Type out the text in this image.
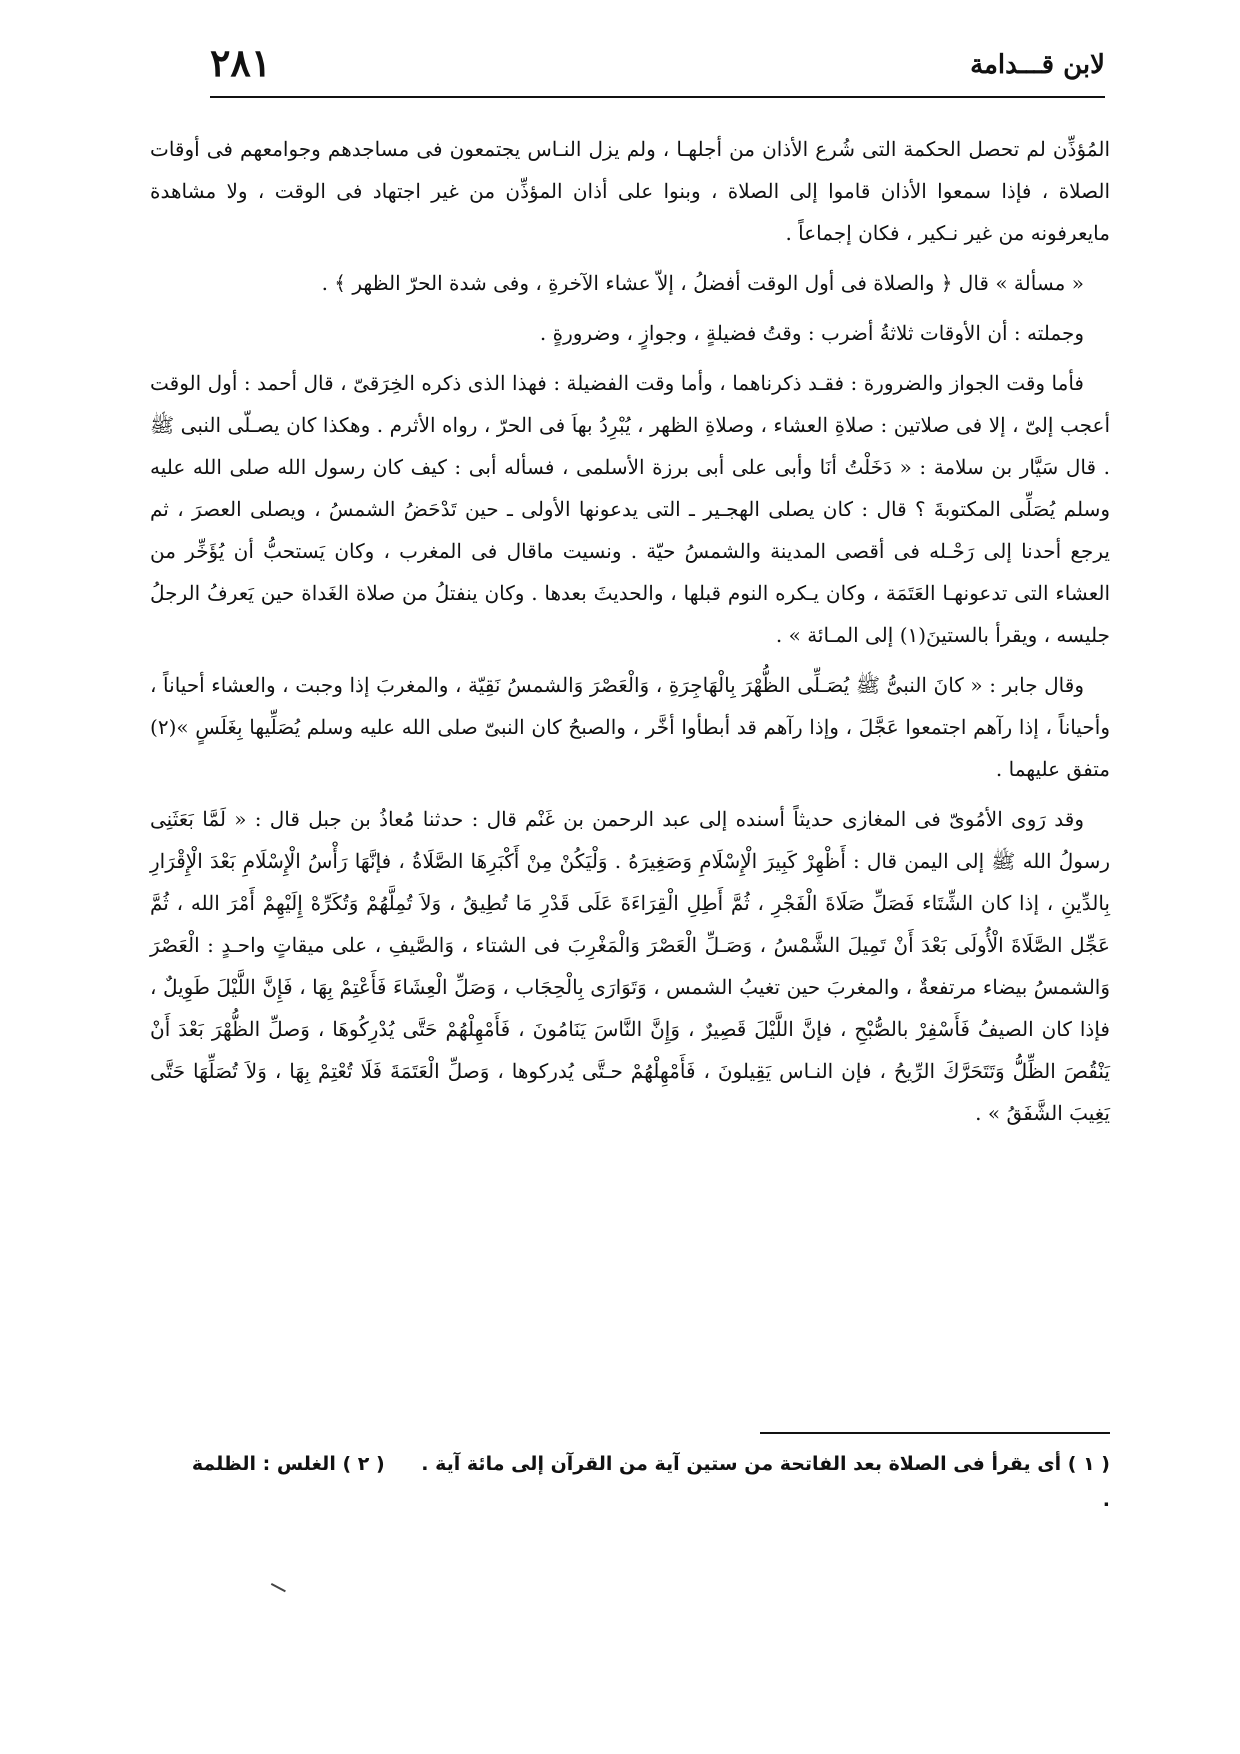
لابن قـــدامة
٢٨١

المُؤذِّن لم تحصل الحكمة التى شُرع الأذان من أجلهـا ، ولم يزل النـاس يجتمعون فى مساجدهم وجوامعهم فى أوقات الصلاة ، فإذا سمعوا الأذان قاموا إلى الصلاة ، وبنوا على أذان المؤذِّن من غير اجتهاد فى الوقت ، ولا مشاهدة مايعرفونه من غير نـكير ، فكان إجماعاً .

« مسألة » قال ﴿ والصلاة فى أول الوقت أفضلُ ، إلاّ عشاء الآخرةِ ، وفى شدة الحرّ الظهر ﴾ .

وجملته : أن الأوقات ثلاثةُ أضرب : وقتُ فضيلةٍ ، وجوازٍ ، وضرورةٍ .

فأما وقت الجواز والضرورة : فقـد ذكرناهما ، وأما وقت الفضيلة : فهذا الذى ذكره الخِرَقىّ ، قال أحمد : أول الوقت أعجب إلىّ ، إلا فى صلاتين : صلاةِ العشاء ، وصلاةِ الظهر ، يُبْرِدُ بهاَ فى الحرّ ، رواه الأثرم . وهكذا كان يصـلّى النبى ﷺ . قال سَيَّار بن سلامة : « دَخَلْتُ أنَا وأبى على أبى برزة الأسلمى ، فسأله أبى : كيف كان رسول الله صلى الله عليه وسلم يُصَلِّى المكتوبةَ ؟ قال : كان يصلى الهجـير ـ التى يدعونها الأولى ـ حين تَدْحَضُ الشمسُ ، ويصلى العصرَ ، ثم يرجع أحدنا إلى رَحْـله فى أقصى المدينة والشمسُ حيّة . ونسيت ماقال فى المغرب ، وكان يَستحبُّ أن يُؤَخِّر من العشاء التى تدعونهـا العَتَمَة ، وكان يـكره النوم قبلها ، والحديثَ بعدها . وكان ينفتلُ من صلاة الغَداة حين يَعرفُ الرجلُ جليسه ، ويقرأ بالستينَ(١) إلى المـائة » .

وقال جابر : « كانَ النبىُّ ﷺ يُصَـلِّى الظُّهْرَ بِالْهَاجِرَةِ ، وَالْعَصْرَ وَالشمسُ نَقِيّة ، والمغربَ إذا وجبت ، والعشاء أحياناً ، وأحياناً ، إذا رآهم اجتمعوا عَجَّلَ ، وإذا رآهم قد أبطأوا أخَّر ، والصبحُ كان النبىّ صلى الله عليه وسلم يُصَلِّيها بِغَلَسٍ »(٢) متفق عليهما .

وقد رَوى الأمُوىّ فى المغازى حديثاً أسنده إلى عبد الرحمن بن غَنْم قال : حدثنا مُعاذُ بن جبل قال : « لَمَّا بَعَثَنِى رسولُ الله ﷺ إلى اليمن قال : أَظْهِرْ كَبِيرَ الْإِسْلَامِ وَصَغِيرَهُ . وَلْيَكُنْ مِنْ أَكْبَرِهَا الصَّلَاةُ ، فإنَّهَا رَأْسُ الْإِسْلَامِ بَعْدَ الْإِقْرَارِ بِالدِّينِ ، إذا كان الشِّتَاء فَصَلِّ صَلَاةَ الْفَجْرِ ، ثُمَّ أَطِلِ الْقِرَاءَةَ عَلَى قَدْرِ مَا تُطِيقُ ، وَلاَ تُمِلَّهُمْ وَتُكَرِّهْ إِلَيْهِمْ أَمْرَ الله ، ثُمَّ عَجِّل الصَّلَاةَ الْأُولَى بَعْدَ أَنْ تَمِيلَ الشَّمْسُ ، وَصَـلِّ الْعَصْرَ وَالْمَغْرِبَ فى الشتاء ، وَالصَّيفِ ، على ميقاتٍ واحـدٍ : الْعَصْرَ وَالشمسُ بيضاء مرتفعةٌ ، والمغربَ حين تغيبُ الشمس ، وَتَوَارَى بِالْحِجَاب ، وَصَلِّ الْعِشَاءَ فَأَعْتِمْ بِهَا ، فَإِنَّ اللَّيْلَ طَوِيلٌ ، فإذا كان الصيفُ فَأَسْفِرْ بالصُّبْحِ ، فإنَّ اللَّيْلَ قَصِيرٌ ، وَإِنَّ النَّاسَ يَنَامُونَ ، فَأَمْهِلْهُمْ حَتَّى يُدْرِكُوهَا ، وَصلِّ الظُّهْرَ بَعْدَ أَنْ يَنْقُصَ الظِّلُّ وَتَتَحَرَّكَ الرِّيحُ ، فإن النـاس يَقِيلونَ ، فَأَمْهِلْهُمْ حـتَّى يُدركوها ، وَصلِّ الْعَتَمَةَ فَلَا تُعْتِمْ بِهَا ، وَلاَ تُصَلِّهَا حَتَّى يَغِيبَ الشَّفَقُ » .

( ١ ) أى يقرأ فى الصلاة بعد الفاتحة من ستين آية من القرآن إلى مائة آية . ( ٢ ) الغلس : الظلمة .
